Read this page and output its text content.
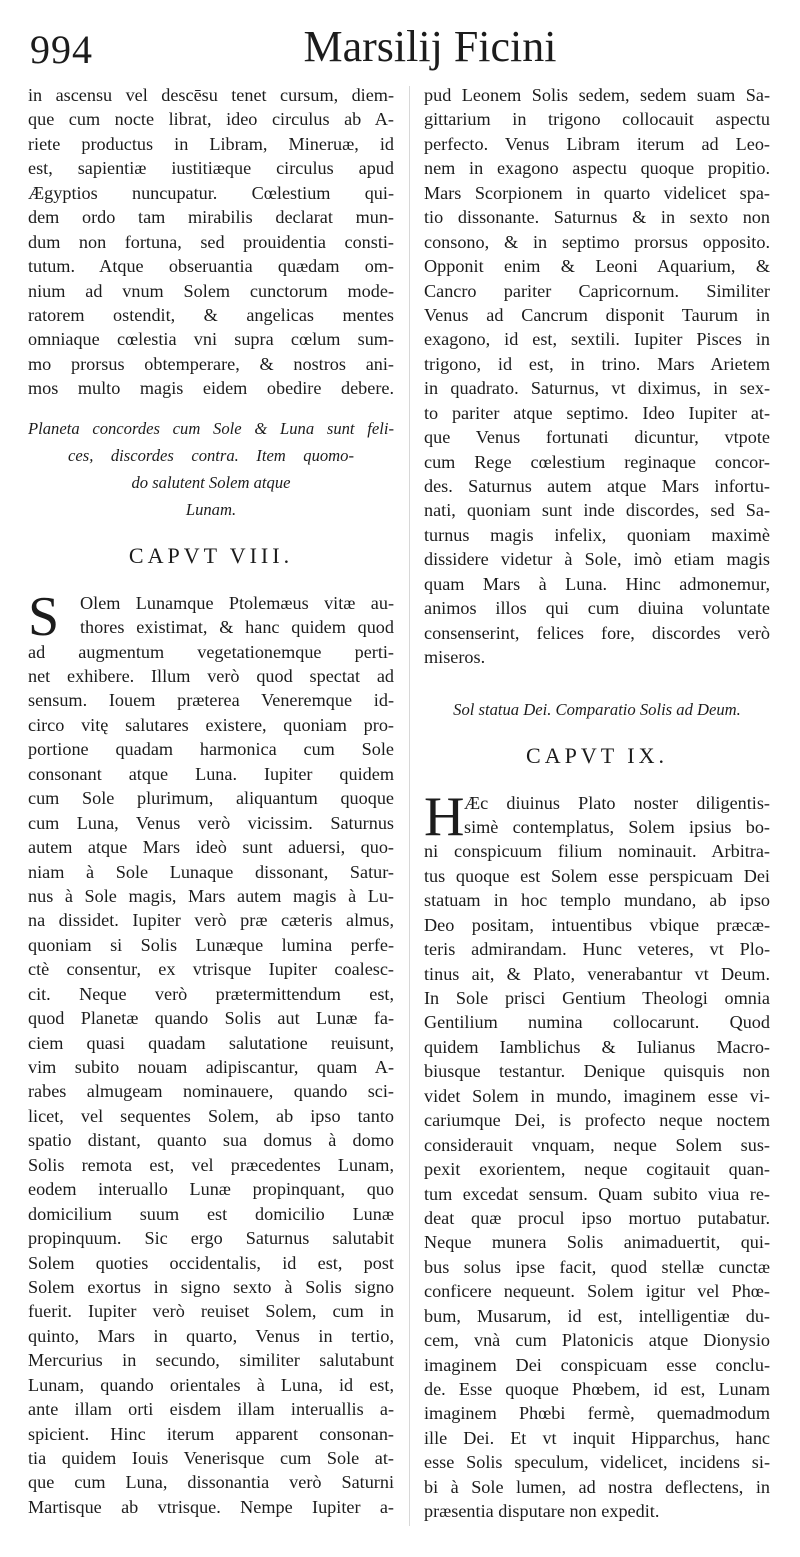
994	Marsilij Ficini
in ascensu vel descēsu tenet cursum, diem-
que cum nocte librat, ideo circulus ab A-
riete productus in Libram, Mineruæ, id
est, sapientiæ iustitiæque circulus apud
Ægyptios nuncupatur. Cœlestium qui-
dem ordo tam mirabilis declarat mun-
dum non fortuna, sed prouidentia consti-
tutum. Atque obseruantia quædam om-
nium ad vnum Solem cunctorum mode-
ratorem ostendit, & angelicas mentes
omniaque cœlestia vni supra cœlum sum-
mo prorsus obtemperare, & nostros ani-
mos multo magis eidem obedire debere.
Planeta concordes cum Sole & Luna sunt feli-
ces, discordes contra. Item quomo-
do salutent Solem atque
Lunam.
CAPVT VIII.
S	Olem Lunamque Ptolemæus vitæ au-
thores existimat, & hanc quidem quod
ad augmentum vegetationemque perti-
net exhibere. Illum verò quod spectat ad
sensum. Iouem præterea Veneremque id-
circo vitę salutares existere, quoniam pro-
portione quadam harmonica cum Sole
consonant atque Luna. Iupiter quidem
cum Sole plurimum, aliquantum quoque
cum Luna, Venus verò vicissim. Saturnus
autem atque Mars ideò sunt aduersi, quo-
niam à Sole Lunaque dissonant, Satur-
nus à Sole magis, Mars autem magis à Lu-
na dissidet. Iupiter verò præ cæteris almus,
quoniam si Solis Lunæque lumina perfe-
ctè consentur, ex vtrisque Iupiter coalesc-
cit. Neque verò prætermittendum est,
quod Planetæ quando Solis aut Lunæ fa-
ciem quasi quadam salutatione reuisunt,
vim subito nouam adipiscantur, quam A-
rabes almugeam nominauere, quando sci-
licet, vel sequentes Solem, ab ipso tanto
spatio distant, quanto sua domus à domo
Solis remota est, vel præcedentes Lunam,
eodem interuallo Lunæ propinquant, quo
domicilium suum est domicilio Lunæ
propinquum. Sic ergo Saturnus salutabit
Solem quoties occidentalis, id est, post
Solem exortus in signo sexto à Solis signo
fuerit. Iupiter verò reuiset Solem, cum in
quinto, Mars in quarto, Venus in tertio,
Mercurius in secundo, similiter salutabunt
Lunam, quando orientales à Luna, id est,
ante illam orti eisdem illam interuallis a-
spicient. Hinc iterum apparent consonan-
tia quidem Iouis Venerisque cum Sole at-
que cum Luna, dissonantia verò Saturni
Martisque ab vtrisque. Nempe Iupiter a-
pud Leonem Solis sedem, sedem suam Sa-
gittarium in trigono collocauit aspectu
perfecto. Venus Libram iterum ad Leo-
nem in exagono aspectu quoque propitio.
Mars Scorpionem in quarto videlicet spa-
tio dissonante. Saturnus & in sexto non
consono, & in septimo prorsus opposito.
Opponit enim & Leoni Aquarium, &
Cancro pariter Capricornum. Similiter
Venus ad Cancrum disponit Taurum in
exagono, id est, sextili. Iupiter Pisces in
trigono, id est, in trino. Mars Arietem
in quadrato. Saturnus, vt diximus, in sex-
to pariter atque septimo. Ideo Iupiter at-
que Venus fortunati dicuntur, vtpote
cum Rege cœlestium reginaque concor-
des. Saturnus autem atque Mars infortu-
nati, quoniam sunt inde discordes, sed Sa-
turnus magis infelix, quoniam maximè
dissidere videtur à Sole, imò etiam magis
quam Mars à Luna. Hinc admonemur,
animos illos qui cum diuina voluntate
consenserint, felices fore, discordes verò
miseros.
Sol statua Dei. Comparatio Solis ad Deum.
CAPVT IX.
H Æc diuinus Plato noster diligentis-
simè contemplatus, Solem ipsius bo-
ni conspicuum filium nominauit. Arbitra-
tus quoque est Solem esse perspicuam Dei
statuam in hoc templo mundano, ab ipso
Deo positam, intuentibus vbique præcæ-
teris admirandam. Hunc veteres, vt Plo-
tinus ait, & Plato, venerabantur vt Deum.
In Sole prisci Gentium Theologi omnia
Gentilium numina collocarunt. Quod
quidem Iamblichus & Iulianus Macro-
biusque testantur. Denique quisquis non
videt Solem in mundo, imaginem esse vi-
cariumque Dei, is profecto neque noctem
considerauit vnquam, neque Solem sus-
pexit exorientem, neque cogitauit quan-
tum excedat sensum. Quam subito viua re-
deat quæ procul ipso mortuo putabatur.
Neque munera Solis animaduertit, qui-
bus solus ipse facit, quod stellæ cunctæ
conficere nequeunt. Solem igitur vel Phœ-
bum, Musarum, id est, intelligentiæ du-
cem, vnà cum Platonicis atque Dionysio
imaginem Dei conspicuam esse conclu-
de. Esse quoque Phœbem, id est, Lunam
imaginem Phœbi fermè, quemadmodum
ille Dei. Et vt inquit Hipparchus, hanc
esse Solis speculum, videlicet, incidens si-
bi à Sole lumen, ad nostra deflectens, in
præsentia disputare non expedit.
